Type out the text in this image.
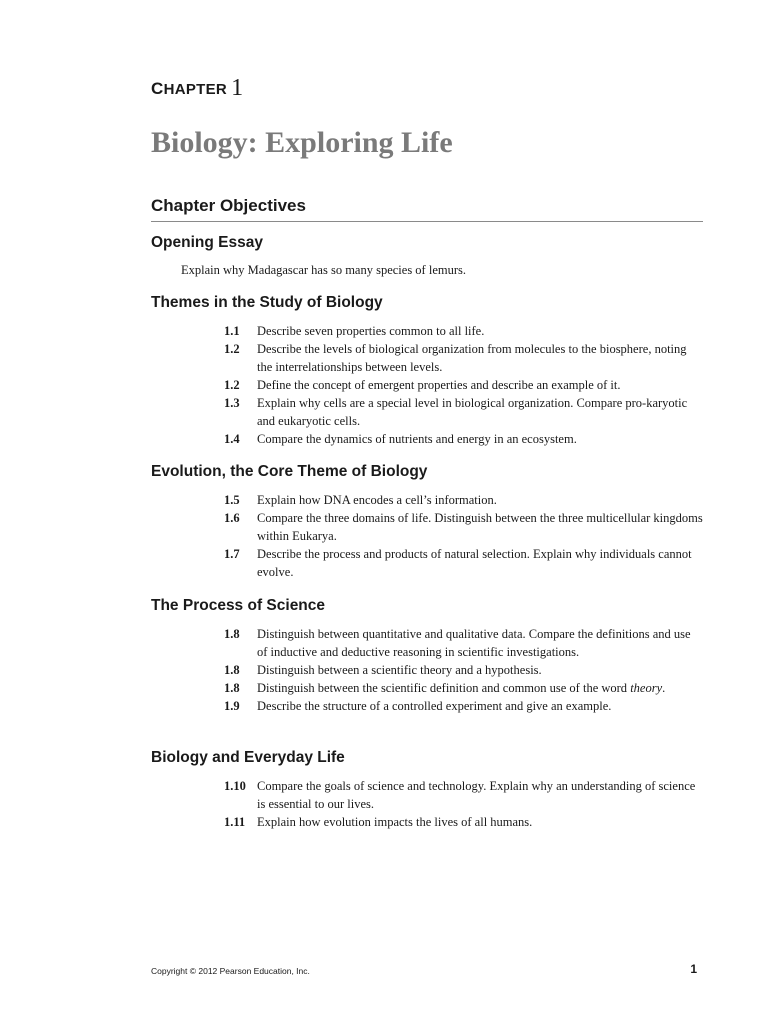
CHAPTER 1
Biology: Exploring Life
Chapter Objectives
Opening Essay
Explain why Madagascar has so many species of lemurs.
Themes in the Study of Biology
1.1	Describe seven properties common to all life.
1.2	Describe the levels of biological organization from molecules to the biosphere, noting the interrelationships between levels.
1.2	Define the concept of emergent properties and describe an example of it.
1.3	Explain why cells are a special level in biological organization. Compare pro-karyotic and eukaryotic cells.
1.4	Compare the dynamics of nutrients and energy in an ecosystem.
Evolution, the Core Theme of Biology
1.5	Explain how DNA encodes a cell’s information.
1.6	Compare the three domains of life. Distinguish between the three multicellular kingdoms within Eukarya.
1.7	Describe the process and products of natural selection. Explain why individuals cannot evolve.
The Process of Science
1.8	Distinguish between quantitative and qualitative data. Compare the definitions and use of inductive and deductive reasoning in scientific investigations.
1.8	Distinguish between a scientific theory and a hypothesis.
1.8	Distinguish between the scientific definition and common use of the word theory.
1.9	Describe the structure of a controlled experiment and give an example.
Biology and Everyday Life
1.10 Compare the goals of science and technology. Explain why an understanding of science is essential to our lives.
1.11 Explain how evolution impacts the lives of all humans.
Copyright © 2012 Pearson Education, Inc.	1
